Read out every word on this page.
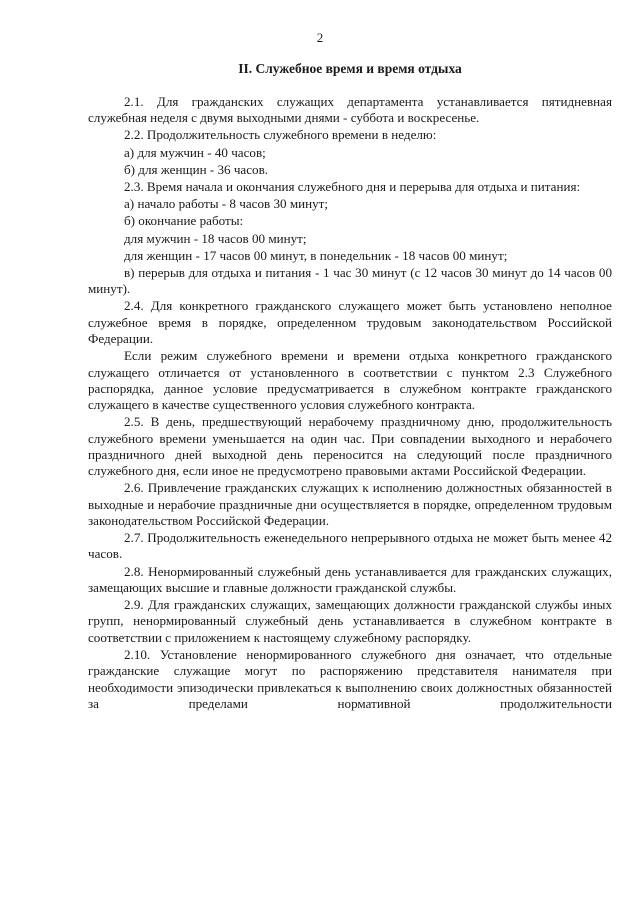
2
II. Служебное время и время отдыха

2.1. Для гражданских служащих департамента устанавливается пятидневная служебная неделя с двумя выходными днями - суббота и воскресенье.

2.2. Продолжительность служебного времени в неделю:

а) для мужчин - 40 часов;

б) для женщин - 36 часов.

2.3. Время начала и окончания служебного дня и перерыва для отдыха и питания:

а) начало работы - 8 часов 30 минут;

б) окончание работы:

для мужчин - 18 часов 00 минут;

для женщин - 17 часов 00 минут, в понедельник - 18 часов 00 минут;

в) перерыв для отдыха и питания - 1 час 30 минут (с 12 часов 30 минут до 14 часов 00 минут).

2.4. Для конкретного гражданского служащего может быть установлено неполное служебное время в порядке, определенном трудовым законодательством Российской Федерации.

Если режим служебного времени и времени отдыха конкретного гражданского служащего отличается от установленного в соответствии с пунктом 2.3 Служебного распорядка, данное условие предусматривается в служебном контракте гражданского служащего в качестве существенного условия служебного контракта.

2.5. В день, предшествующий нерабочему праздничному дню, продолжительность служебного времени уменьшается на один час. При совпадении выходного и нерабочего праздничного дней выходной день переносится на следующий после праздничного служебного дня, если иное не предусмотрено правовыми актами Российской Федерации.

2.6. Привлечение гражданских служащих к исполнению должностных обязанностей в выходные и нерабочие праздничные дни осуществляется в порядке, определенном трудовым законодательством Российской Федерации.

2.7. Продолжительность еженедельного непрерывного отдыха не может быть менее 42 часов.

2.8. Ненормированный служебный день устанавливается для гражданских служащих, замещающих высшие и главные должности гражданской службы.

2.9. Для гражданских служащих, замещающих должности гражданской службы иных групп, ненормированный служебный день устанавливается в служебном контракте в соответствии с приложением к настоящему служебному распорядку.

2.10. Установление ненормированного служебного дня означает, что отдельные гражданские служащие могут по распоряжению представителя нанимателя при необходимости эпизодически привлекаться к выполнению своих должностных обязанностей за пределами нормативной продолжительности
